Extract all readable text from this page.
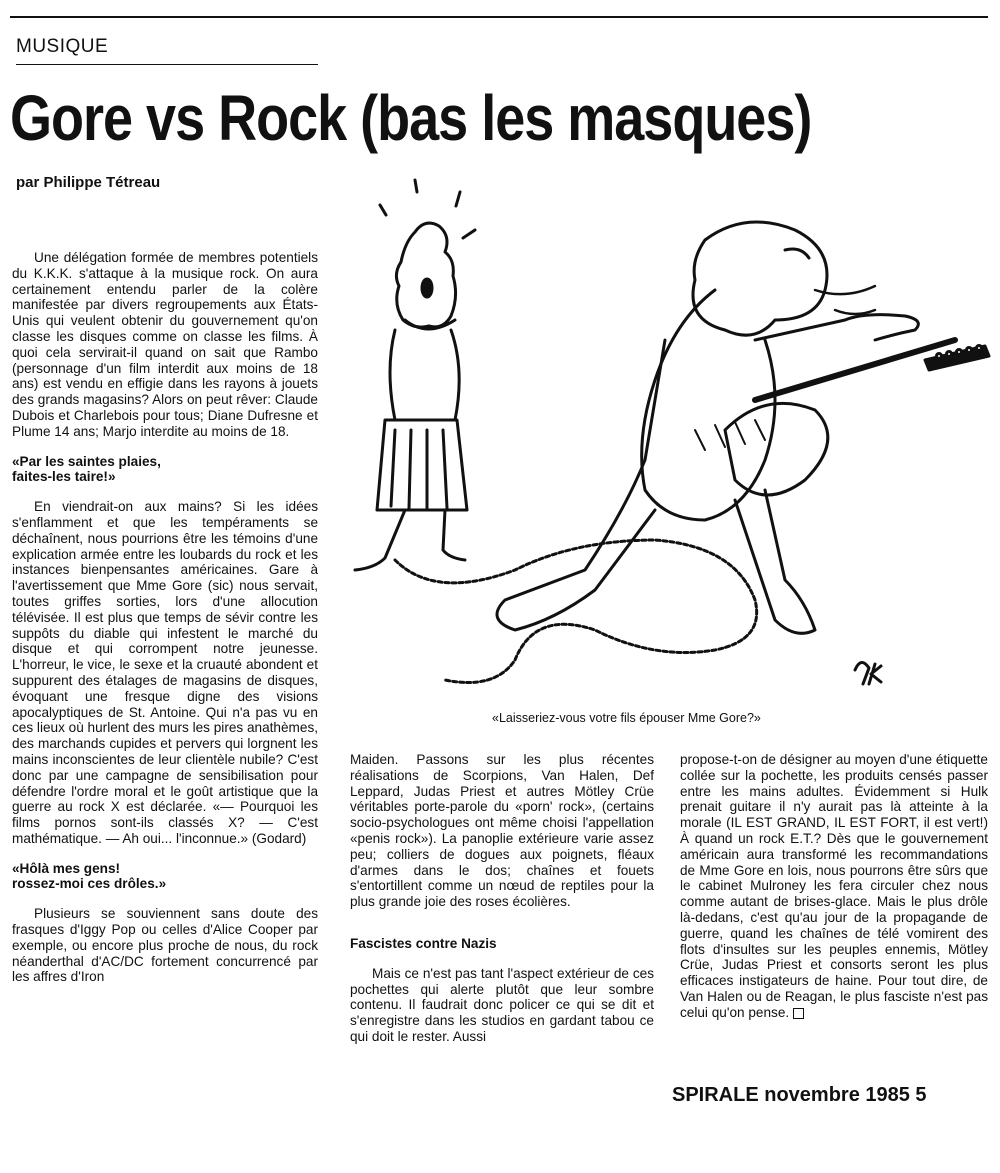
MUSIQUE
Gore vs Rock (bas les masques)
par Philippe Tétreau
«Laisseriez-vous votre fils épouser Mme Gore?»

Une délégation formée de membres potentiels du K.K.K. s'attaque à la musique rock. On aura certainement entendu parler de la colère manifestée par divers regroupements aux États-Unis qui veulent obtenir du gouvernement qu'on classe les disques comme on classe les films. À quoi cela servirait-il quand on sait que Rambo (personnage d'un film interdit aux moins de 18 ans) est vendu en effigie dans les rayons à jouets des grands magasins? Alors on peut rêver: Claude Dubois et Charlebois pour tous; Diane Dufresne et Plume 14 ans; Marjo interdite au moins de 18.

«Par les saintes plaies,
faites-les taire!»

En viendrait-on aux mains? Si les idées s'enflamment et que les tempéraments se déchaînent, nous pourrions être les témoins d'une explication armée entre les loubards du rock et les instances bienpensantes américaines. Gare à l'avertissement que Mme Gore (sic) nous servait, toutes griffes sorties, lors d'une allocution télévisée. Il est plus que temps de sévir contre les suppôts du diable qui infestent le marché du disque et qui corrompent notre jeunesse. L'horreur, le vice, le sexe et la cruauté abondent et suppurent des étalages de magasins de disques, évoquant une fresque digne des visions apocalyptiques de St. Antoine. Qui n'a pas vu en ces lieux où hurlent des murs les pires anathèmes, des marchands cupides et pervers qui lorgnent les mains inconscientes de leur clientèle nubile? C'est donc par une campagne de sensibilisation pour défendre l'ordre moral et le goût artistique que la guerre au rock X est déclarée. «— Pourquoi les films pornos sont-ils classés X? — C'est mathématique. — Ah oui... l'inconnue.» (Godard)

«Hôlà mes gens!
rossez-moi ces drôles.»

Plusieurs se souviennent sans doute des frasques d'Iggy Pop ou celles d'Alice Cooper par exemple, ou encore plus proche de nous, du rock néanderthal d'AC/DC fortement concurrencé par les affres d'Iron

Maiden. Passons sur les plus récentes réalisations de Scorpions, Van Halen, Def Leppard, Judas Priest et autres Mötley Crüe véritables porte-parole du «porn' rock», (certains socio-psychologues ont même choisi l'appellation «penis rock»). La panoplie extérieure varie assez peu; colliers de dogues aux poignets, fléaux d'armes dans le dos; chaînes et fouets s'entortillent comme un nœud de reptiles pour la plus grande joie des roses écolières.

Fascistes contre Nazis

Mais ce n'est pas tant l'aspect extérieur de ces pochettes qui alerte plutôt que leur sombre contenu. Il faudrait donc policer ce qui se dit et s'enregistre dans les studios en gardant tabou ce qui doit le rester. Aussi

propose-t-on de désigner au moyen d'une étiquette collée sur la pochette, les produits censés passer entre les mains adultes. Évidemment si Hulk prenait guitare il n'y aurait pas là atteinte à la morale (IL EST GRAND, IL EST FORT, il est vert!) À quand un rock E.T.? Dès que le gouvernement américain aura transformé les recommandations de Mme Gore en lois, nous pourrons être sûrs que le cabinet Mulroney les fera circuler chez nous comme autant de brises-glace. Mais le plus drôle là-dedans, c'est qu'au jour de la propagande de guerre, quand les chaînes de télé vomirent des flots d'insultes sur les peuples ennemis, Mötley Crüe, Judas Priest et consorts seront les plus efficaces instigateurs de haine. Pour tout dire, de Van Halen ou de Reagan, le plus fasciste n'est pas celui qu'on pense.

SPIRALE novembre 1985 5
